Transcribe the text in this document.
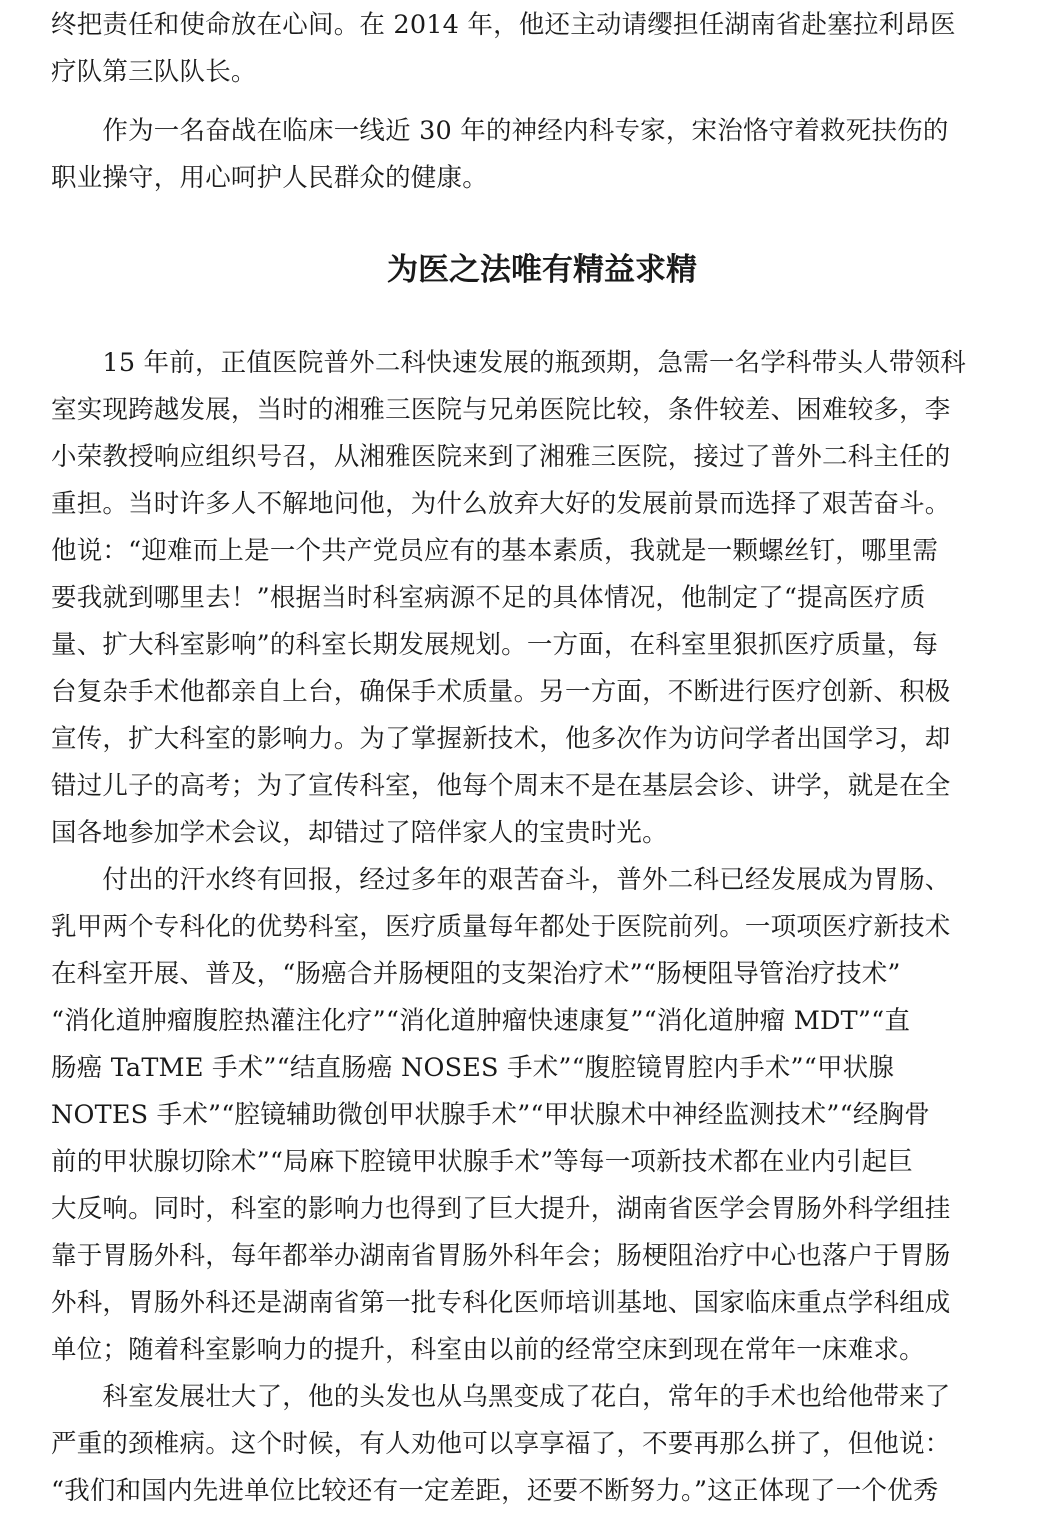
终把责任和使命放在心间。在 2014 年，他还主动请缨担任湖南省赴塞拉利昂医
疗队第三队队长。
　　作为一名奋战在临床一线近 30 年的神经内科专家，宋治恪守着救死扶伤的
职业操守，用心呵护人民群众的健康。
为医之法唯有精益求精
　　15 年前，正值医院普外二科快速发展的瓶颈期，急需一名学科带头人带领科
室实现跨越发展，当时的湘雅三医院与兄弟医院比较，条件较差、困难较多，李
小荣教授响应组织号召，从湘雅医院来到了湘雅三医院，接过了普外二科主任的
重担。当时许多人不解地问他，为什么放弃大好的发展前景而选择了艰苦奋斗。
他说：“迎难而上是一个共产党员应有的基本素质，我就是一颗螺丝钉，哪里需
要我就到哪里去！”根据当时科室病源不足的具体情况，他制定了“提高医疗质
量、扩大科室影响”的科室长期发展规划。一方面，在科室里狠抓医疗质量，每
台复杂手术他都亲自上台，确保手术质量。另一方面，不断进行医疗创新、积极
宣传，扩大科室的影响力。为了掌握新技术，他多次作为访问学者出国学习，却
错过儿子的高考；为了宣传科室，他每个周末不是在基层会诊、讲学，就是在全
国各地参加学术会议，却错过了陪伴家人的宝贵时光。
　　付出的汗水终有回报，经过多年的艰苦奋斗，普外二科已经发展成为胃肠、
乳甲两个专科化的优势科室，医疗质量每年都处于医院前列。一项项医疗新技术
在科室开展、普及，“肠癌合并肠梗阻的支架治疗术”“肠梗阻导管治疗技术”
“消化道肿瘤腹腔热灌注化疗”“消化道肿瘤快速康复”“消化道肿瘤 MDT”“直
肠癌 TaTME 手术”“结直肠癌 NOSES 手术”“腹腔镜胃腔内手术”“甲状腺
NOTES 手术”“腔镜辅助微创甲状腺手术”“甲状腺术中神经监测技术”“经胸骨
前的甲状腺切除术”“局麻下腔镜甲状腺手术”等每一项新技术都在业内引起巨
大反响。同时，科室的影响力也得到了巨大提升，湖南省医学会胃肠外科学组挂
靠于胃肠外科，每年都举办湖南省胃肠外科年会；肠梗阻治疗中心也落户于胃肠
外科，胃肠外科还是湖南省第一批专科化医师培训基地、国家临床重点学科组成
单位；随着科室影响力的提升，科室由以前的经常空床到现在常年一床难求。
　　科室发展壮大了，他的头发也从乌黑变成了花白，常年的手术也给他带来了
严重的颈椎病。这个时候，有人劝他可以享享福了，不要再那么拼了，但他说：
“我们和国内先进单位比较还有一定差距，还要不断努力。”这正体现了一个优秀
